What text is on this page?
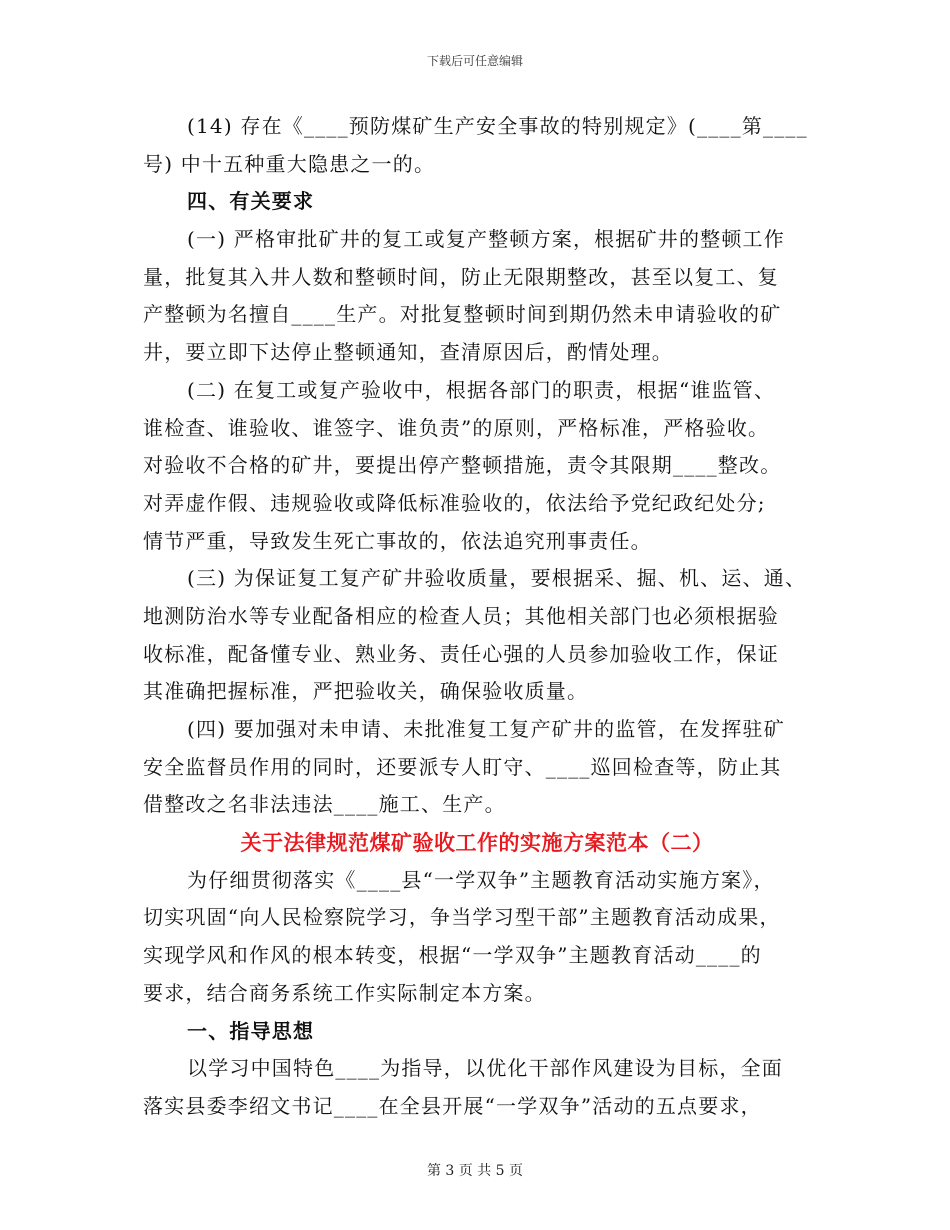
下载后可任意编辑
(14) 存在《____预防煤矿生产安全事故的特别规定》(____第____
号) 中十五种重大隐患之一的。
四、有关要求
(一) 严格审批矿井的复工或复产整顿方案，根据矿井的整顿工作
量，批复其入井人数和整顿时间，防止无限期整改，甚至以复工、复
产整顿为名擅自____生产。对批复整顿时间到期仍然未申请验收的矿
井，要立即下达停止整顿通知，查清原因后，酌情处理。
(二) 在复工或复产验收中，根据各部门的职责，根据“谁监管、
谁检查、谁验收、谁签字、谁负责”的原则，严格标准，严格验收。
对验收不合格的矿井，要提出停产整顿措施，责令其限期____整改。
对弄虚作假、违规验收或降低标准验收的，依法给予党纪政纪处分;
情节严重，导致发生死亡事故的，依法追究刑事责任。
(三) 为保证复工复产矿井验收质量，要根据采、掘、机、运、通、
地测防治水等专业配备相应的检查人员；其他相关部门也必须根据验
收标准，配备懂专业、熟业务、责任心强的人员参加验收工作，保证
其准确把握标准，严把验收关，确保验收质量。
(四) 要加强对未申请、未批准复工复产矿井的监管，在发挥驻矿
安全监督员作用的同时，还要派专人盯守、____巡回检查等，防止其
借整改之名非法违法____施工、生产。
关于法律规范煤矿验收工作的实施方案范本（二）
为仔细贯彻落实《____县“一学双争”主题教育活动实施方案》，
切实巩固“向人民检察院学习，争当学习型干部”主题教育活动成果，
实现学风和作风的根本转变，根据“一学双争”主题教育活动____的
要求，结合商务系统工作实际制定本方案。
一、指导思想
以学习中国特色____为指导，以优化干部作风建设为目标，全面
落实县委李绍文书记____在全县开展“一学双争”活动的五点要求，
第 3 页 共 5 页
